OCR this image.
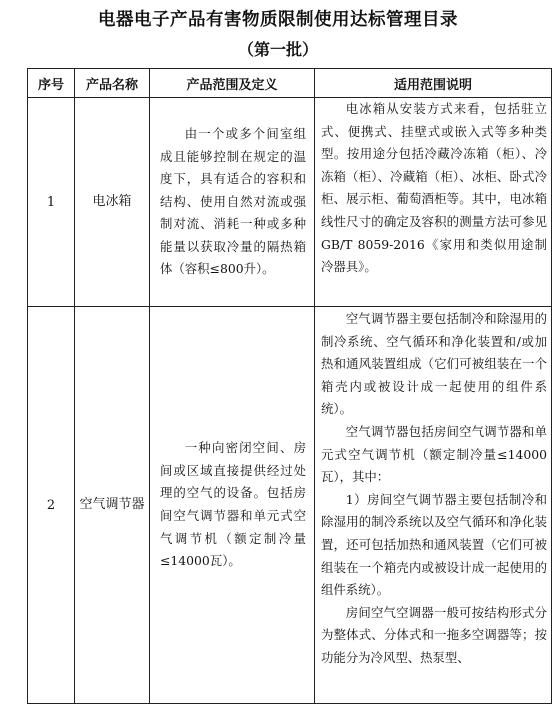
电器电子产品有害物质限制使用达标管理目录
（第一批）
序号	产品名称	产品范围及定义	适用范围说明
1	电冰箱	由一个或多个间室组成且能够控制在规定的温度下，具有适合的容积和结构、使用自然对流或强制对流、消耗一种或多种能量以获取冷量的隔热箱体（容积≤800升）。	电冰箱从安装方式来看，包括驻立式、便携式、挂壁式或嵌入式等多种类型。按用途分包括冷藏冷冻箱（柜）、冷冻箱（柜）、冷藏箱（柜）、冰柜、卧式冷柜、展示柜、葡萄酒柜等。其中，电冰箱线性尺寸的确定及容积的测量方法可参见GB/T 8059-2016《家用和类似用途制冷器具》。

2	空气调节器	一种向密闭空间、房间或区域直接提供经过处理的空气的设备。包括房间空气调节器和单元式空气调节机（额定制冷量≤14000瓦）。	空气调节器主要包括制冷和除湿用的制冷系统、空气循环和净化装置和/或加热和通风装置组成（它们可被组装在一个箱壳内或被设计成一起使用的组件系统）。

空气调节器包括房间空气调节器和单元式空气调节机（额定制冷量≤14000瓦），其中：

1）房间空气调节器主要包括制冷和除湿用的制冷系统以及空气循环和净化装置，还可包括加热和通风装置（它们可被组装在一个箱壳内或被设计成一起使用的组件系统）。

房间空气空调器一般可按结构形式分为整体式、分体式和一拖多空调器等；按功能分为冷风型、热泵型、
